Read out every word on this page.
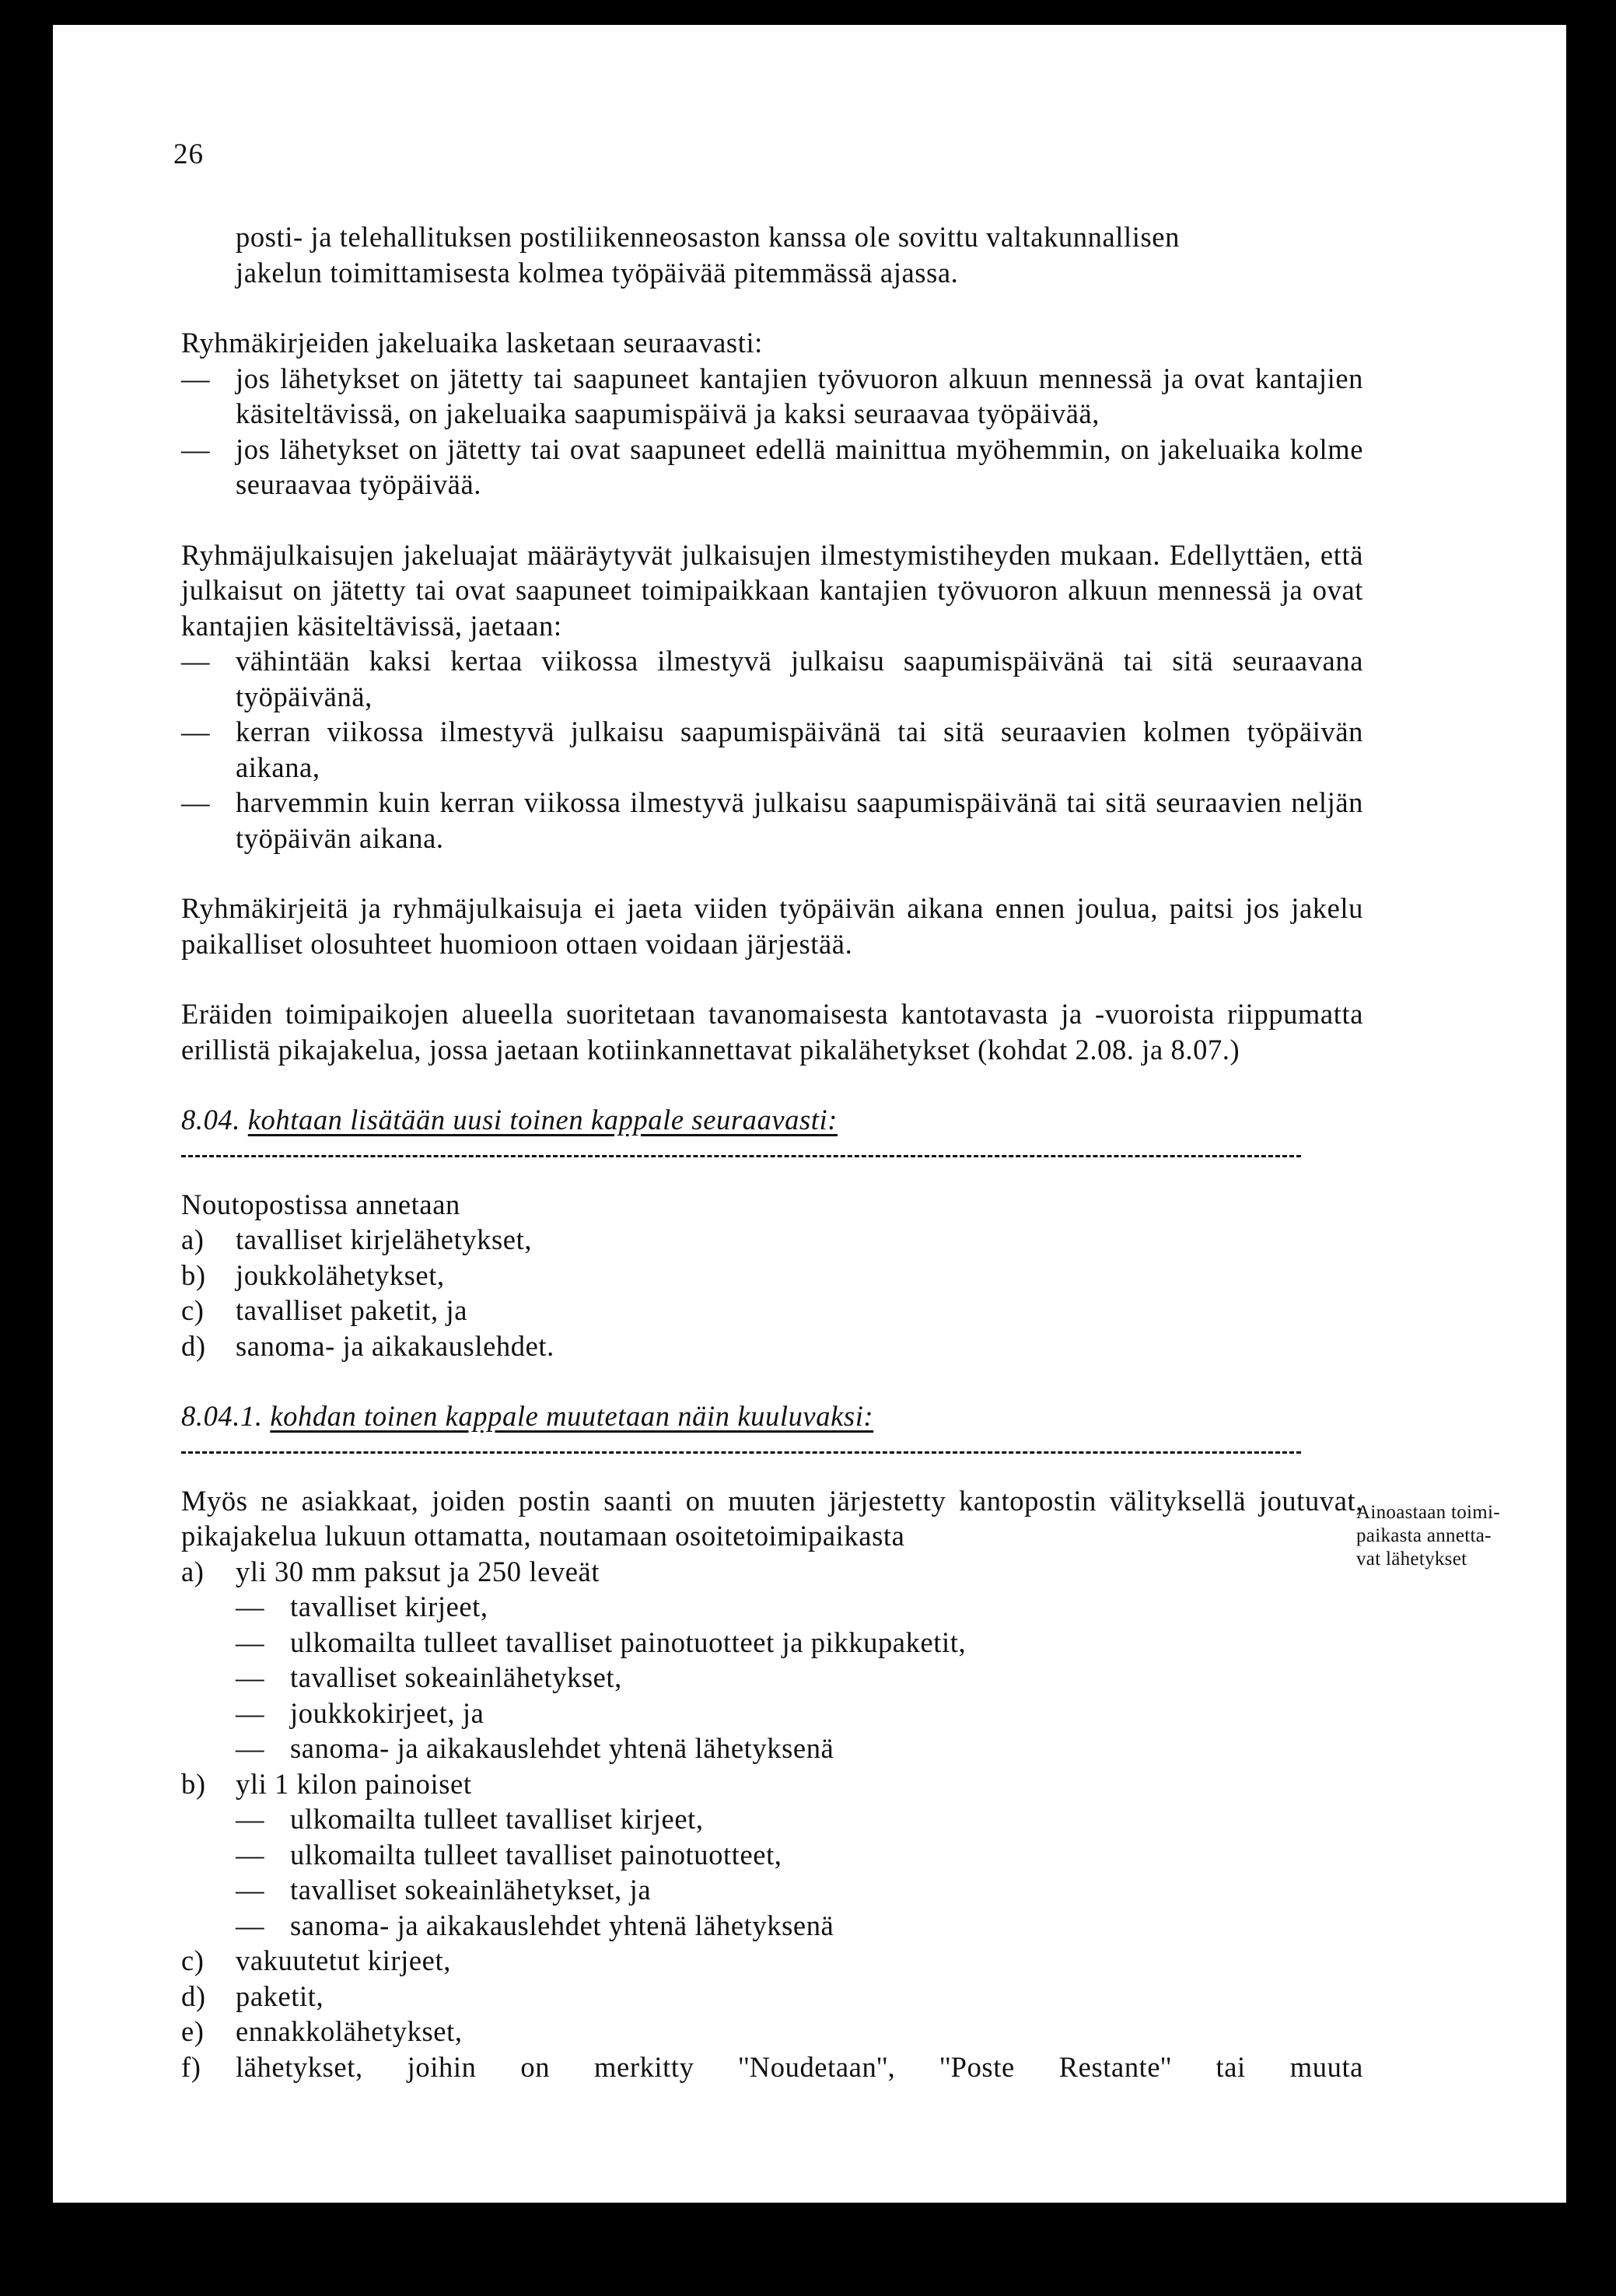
26

posti- ja telehallituksen postiliikenneosaston kanssa ole sovittu valtakunnallisen
jakelun toimittamisesta kolmea työpäivää pitemmässä ajassa.

Ryhmäkirjeiden jakeluaika lasketaan seuraavasti:

— jos lähetykset on jätetty tai saapuneet kantajien työvuoron alkuun mennessä ja ovat kantajien käsiteltävissä, on jakeluaika saapumispäivä ja kaksi seuraavaa työpäivää,
— jos lähetykset on jätetty tai ovat saapuneet edellä mainittua myöhemmin, on jakeluaika kolme seuraavaa työpäivää.

Ryhmäjulkaisujen jakeluajat määräytyvät julkaisujen ilmestymistiheyden mukaan. Edellyttäen, että julkaisut on jätetty tai ovat saapuneet toimipaikkaan kantajien työvuoron alkuun mennessä ja ovat kantajien käsiteltävissä, jaetaan:

— vähintään kaksi kertaa viikossa ilmestyvä julkaisu saapumispäivänä tai sitä seuraavana työpäivänä,
— kerran viikossa ilmestyvä julkaisu saapumispäivänä tai sitä seuraavien kolmen työpäivän aikana,
— harvemmin kuin kerran viikossa ilmestyvä julkaisu saapumispäivänä tai sitä seuraavien neljän työpäivän aikana.

Ryhmäkirjeitä ja ryhmäjulkaisuja ei jaeta viiden työpäivän aikana ennen joulua, paitsi jos jakelu paikalliset olosuhteet huomioon ottaen voidaan järjestää.

Eräiden toimipaikojen alueella suoritetaan tavanomaisesta kantotavasta ja -vuoroista riippumatta erillistä pikajakelua, jossa jaetaan kotiinkannettavat pikalähetykset (kohdat 2.08. ja 8.07.)

8.04. kohtaan lisätään uusi toinen kappale seuraavasti:

Noutopostissa annetaan

a) tavalliset kirjelähetykset,
b) joukkolähetykset,
c) tavalliset paketit, ja
d) sanoma- ja aikakauslehdet.
8.04.1. kohdan toinen kappale muutetaan näin kuuluvaksi:

Myös ne asiakkaat, joiden postin saanti on muuten järjestetty kantopostin välityksellä joutuvat, pikajakelua lukuun ottamatta, noutamaan osoitetoimipaikasta

a) yli 30 mm paksut ja 250 leveät
— tavalliset kirjeet,
— ulkomailta tulleet tavalliset painotuotteet ja pikkupaketit,
— tavalliset sokeainlähetykset,
— joukkokirjeet, ja
— sanoma- ja aikakauslehdet yhtenä lähetyksenä
b) yli 1 kilon painoiset
— ulkomailta tulleet tavalliset kirjeet,
— ulkomailta tulleet tavalliset painotuotteet,
— tavalliset sokeainlähetykset, ja
— sanoma- ja aikakauslehdet yhtenä lähetyksenä
c) vakuutetut kirjeet,
d) paketit,
e) ennakkolähetykset,
f) lähetykset, joihin on merkitty ''Noudetaan'', ''Poste Restante'' tai muuta
Ainoastaan toimi-
paikasta annetta-
vat lähetykset
